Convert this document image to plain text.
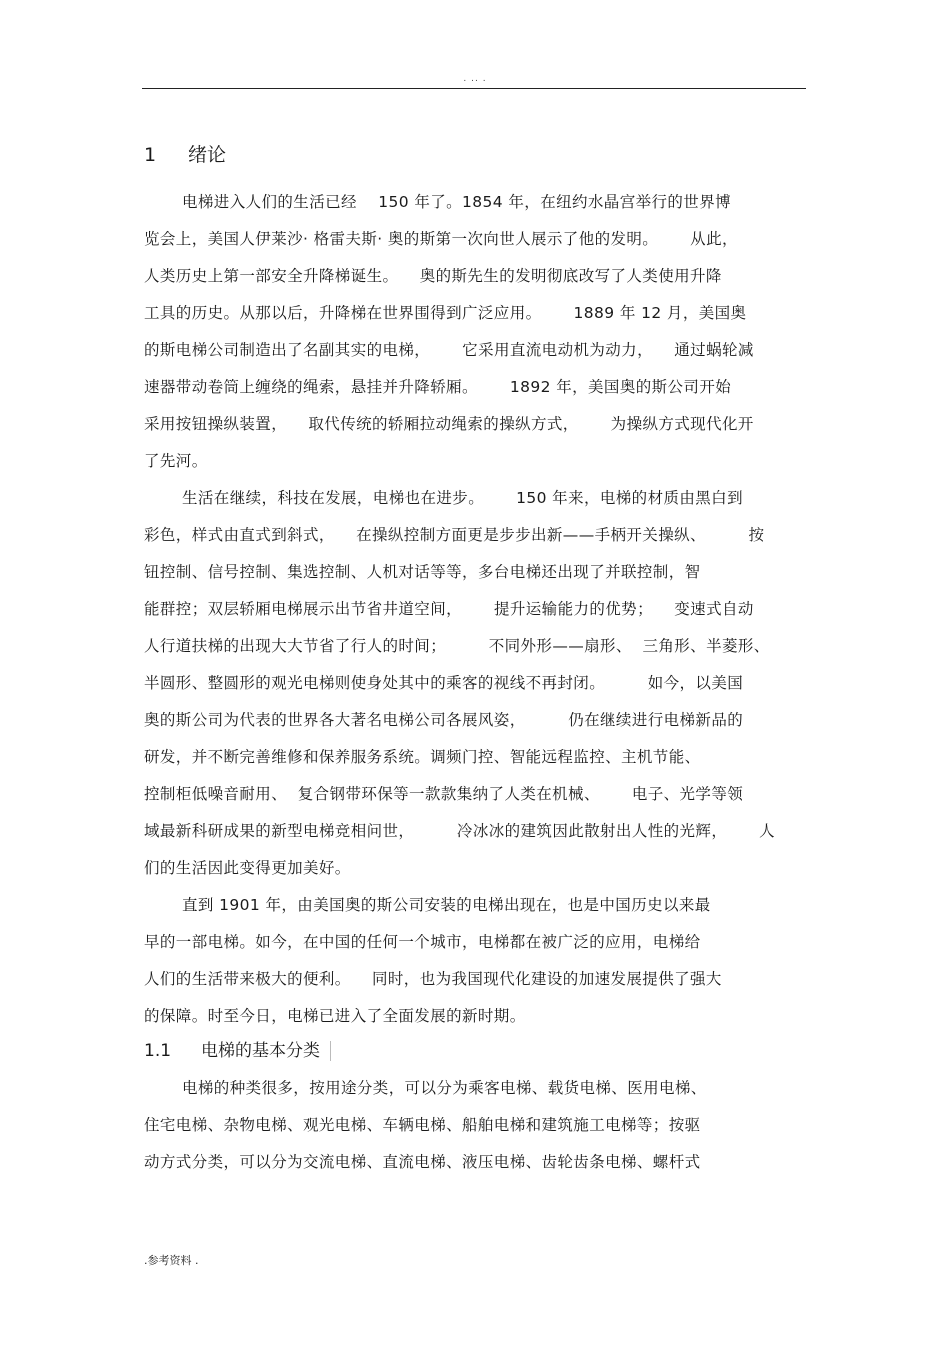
. .. .
1 绪论
电梯进入人们的生活已经    150 年了。1854 年，在纽约水晶宫举行的世界博
览会上，美国人伊莱沙· 格雷夫斯· 奥的斯第一次向世人展示了他的发明。      从此，
人类历史上第一部安全升降梯诞生。    奥的斯先生的发明彻底改写了人类使用升降
工具的历史。从那以后，升降梯在世界围得到广泛应用。      1889 年 12 月，美国奥
的斯电梯公司制造出了名副其实的电梯，      它采用直流电动机为动力，    通过蜗轮减
速器带动卷筒上缠绕的绳索，悬挂并升降轿厢。      1892 年，美国奥的斯公司开始
采用按钮操纵装置，    取代传统的轿厢拉动绳索的操纵方式，      为操纵方式现代化开
了先河。
生活在继续，科技在发展，电梯也在进步。      150 年来，电梯的材质由黑白到
彩色，样式由直式到斜式，    在操纵控制方面更是步步出新——手柄开关操纵、        按
钮控制、信号控制、集选控制、人机对话等等，多台电梯还出现了并联控制，智
能群控；双层轿厢电梯展示出节省井道空间，      提升运输能力的优势；    变速式自动
人行道扶梯的出现大大节省了行人的时间；        不同外形——扇形、  三角形、半菱形、
半圆形、整圆形的观光电梯则使身处其中的乘客的视线不再封闭。        如今，以美国
奥的斯公司为代表的世界各大著名电梯公司各展风姿，        仍在继续进行电梯新品的
研发，并不断完善维修和保养服务系统。调频门控、智能远程监控、主机节能、
控制柜低噪音耐用、  复合钢带环保等一款款集纳了人类在机械、      电子、光学等领
域最新科研成果的新型电梯竞相问世，        冷冰冰的建筑因此散射出人性的光辉，      人
们的生活因此变得更加美好。
直到 1901 年，由美国奥的斯公司安装的电梯出现在，也是中国历史以来最
早的一部电梯。如今，在中国的任何一个城市，电梯都在被广泛的应用，电梯给
人们的生活带来极大的便利。    同时，也为我国现代化建设的加速发展提供了强大
的保障。时至今日，电梯已进入了全面发展的新时期。
1.1 电梯的基本分类
电梯的种类很多，按用途分类，可以分为乘客电梯、载货电梯、医用电梯、
住宅电梯、杂物电梯、观光电梯、车辆电梯、船舶电梯和建筑施工电梯等；按驱
动方式分类，可以分为交流电梯、直流电梯、液压电梯、齿轮齿条电梯、螺杆式
.参考资料 .
